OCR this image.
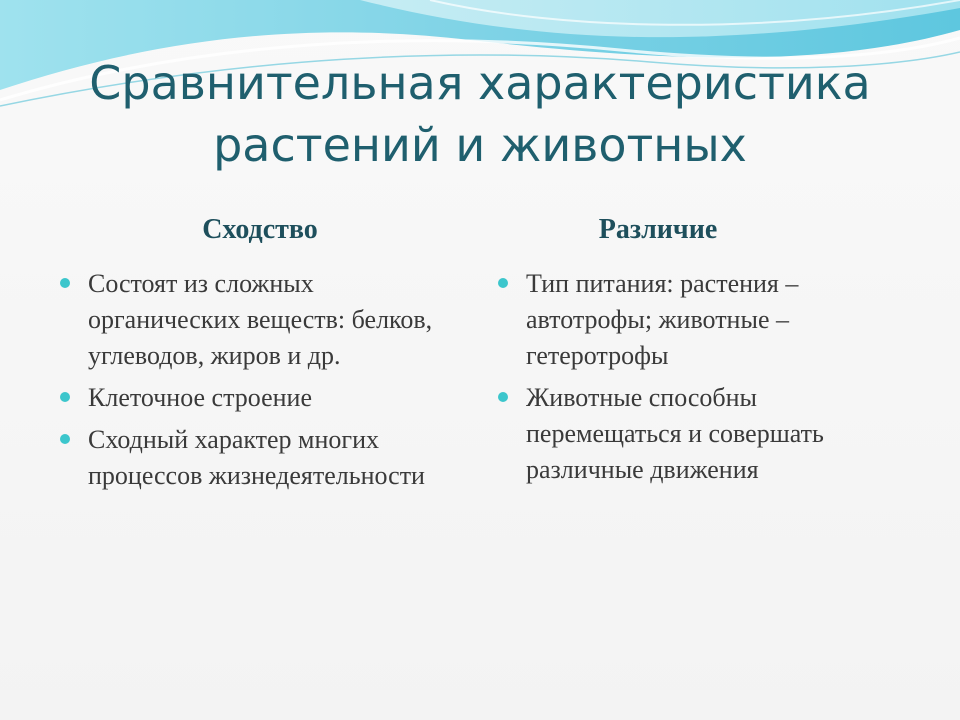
Сравнительная характеристика растений и животных
Сходство
Состоят из сложных органических веществ: белков, углеводов, жиров и др.
Клеточное строение
Сходный характер многих процессов жизнедеятельности
Различие
Тип питания: растения – автотрофы; животные – гетеротрофы
Животные способны перемещаться и совершать различные движения
